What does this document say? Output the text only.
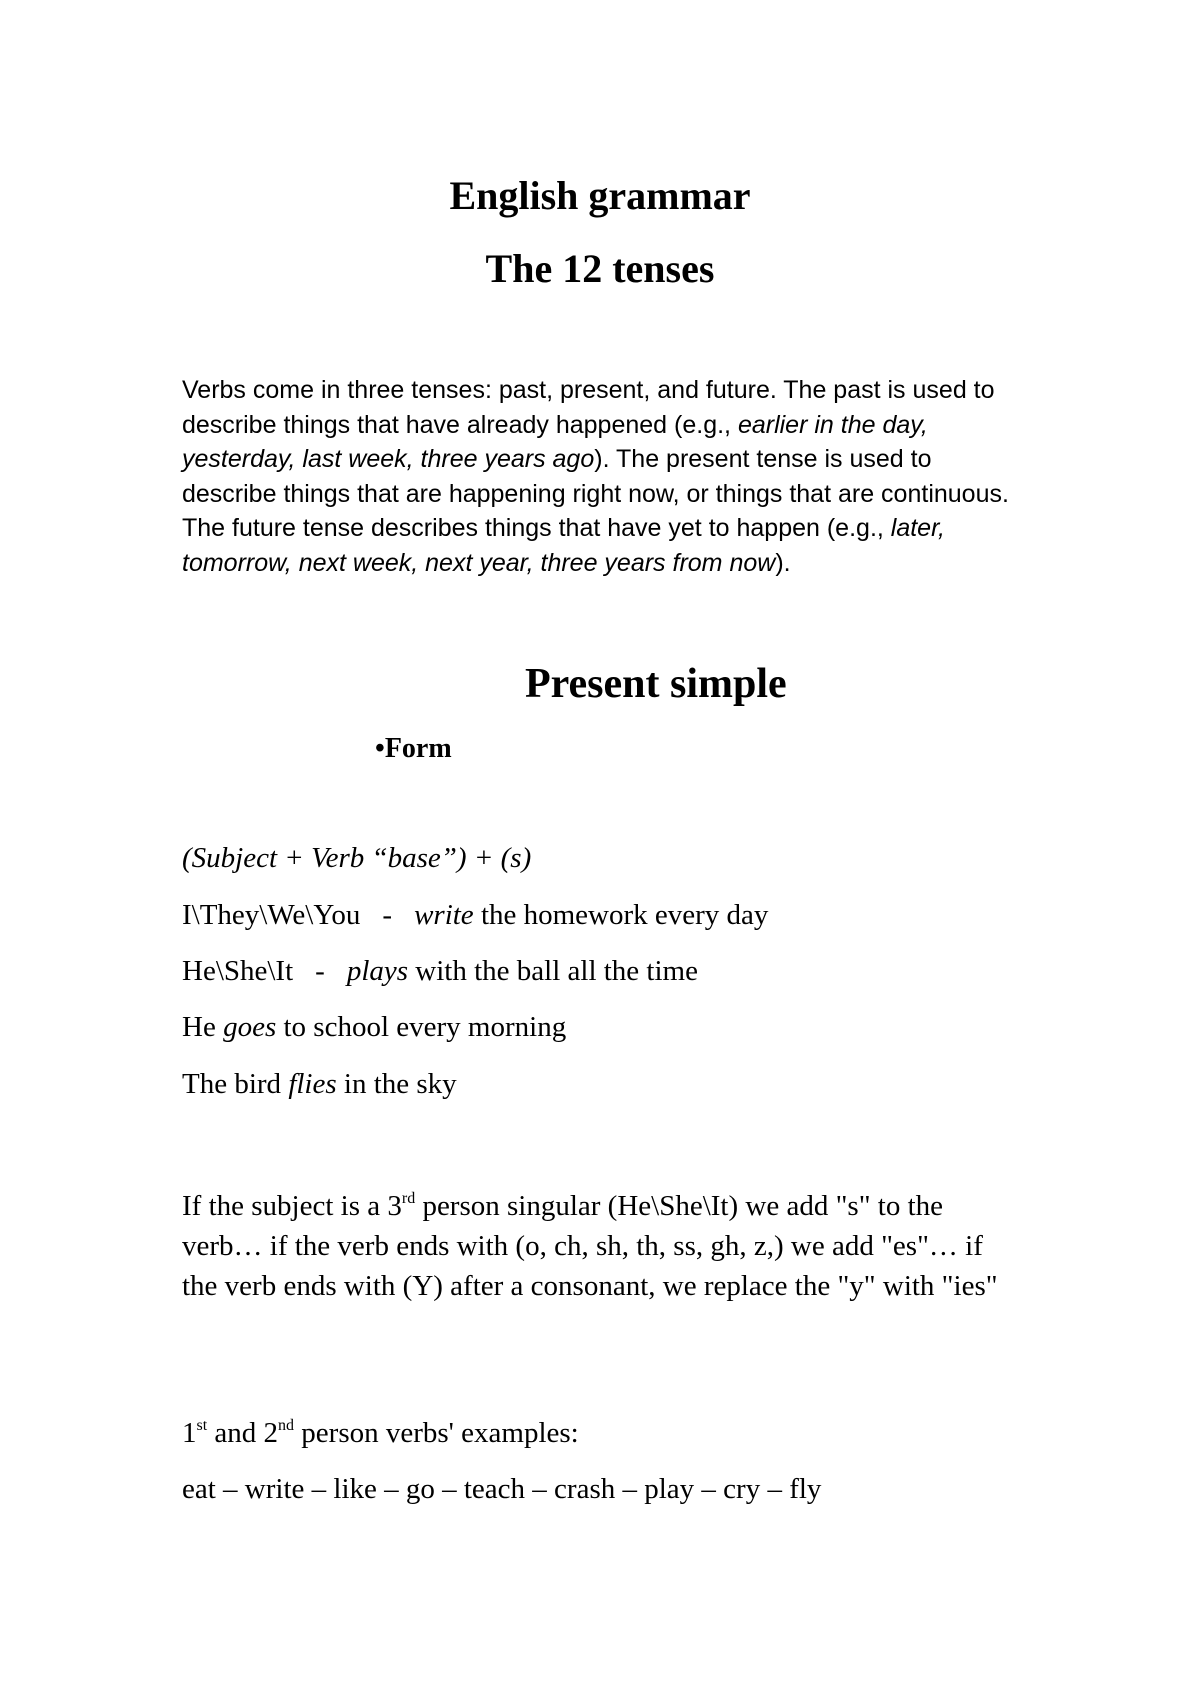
English grammar
The 12 tenses

Verbs come in three tenses: past, present, and future. The past is used to describe things that have already happened (e.g., earlier in the day, yesterday, last week, three years ago). The present tense is used to describe things that are happening right now, or things that are continuous. The future tense describes things that have yet to happen (e.g., later, tomorrow, next week, next year, three years from now).

Present simple
•Form
(Subject + Verb “base”) + (s)
I\They\We\You - write the homework every day
He\She\It - plays with the ball all the time
He goes to school every morning
The bird flies in the sky

If the subject is a 3rd person singular (He\She\It) we add "s" to the verb… if the verb ends with (o, ch, sh, th, ss, gh, z,) we add "es"… if the verb ends with (Y) after a consonant, we replace the "y" with "ies"

1st and 2nd person verbs' examples:
eat – write – like – go – teach – crash – play – cry – fly
